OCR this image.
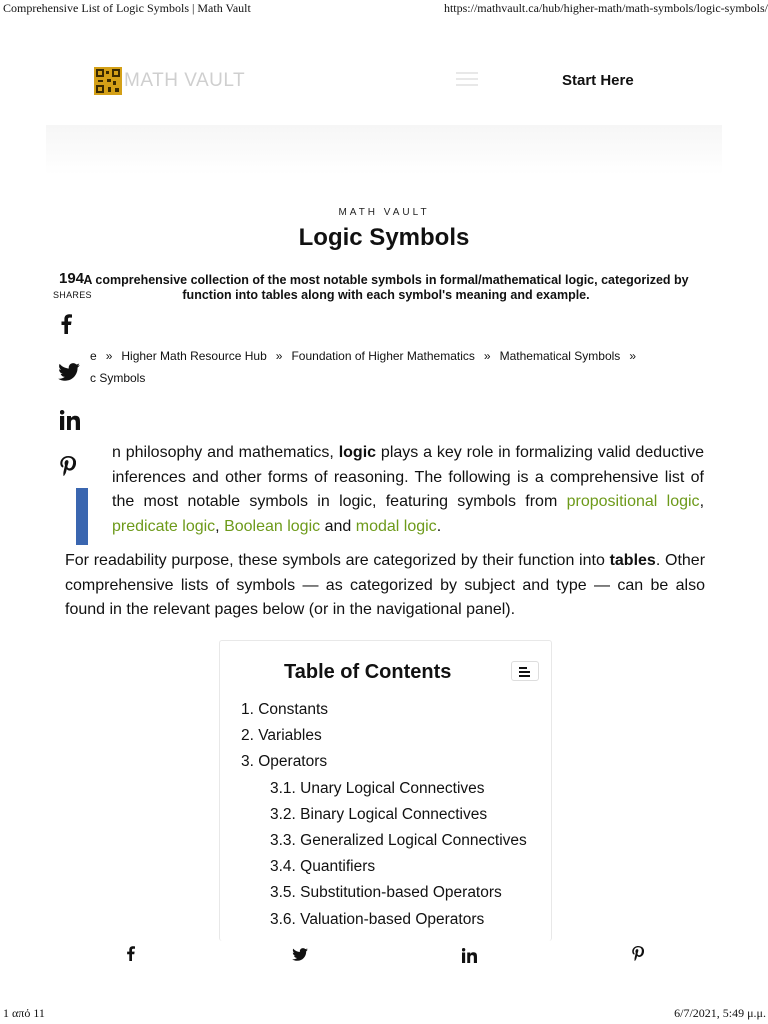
Comprehensive List of Logic Symbols | Math Vault	https://mathvault.ca/hub/higher-math/math-symbols/logic-symbols/
MATH VAULT	Start Here
MATH VAULT
Logic Symbols

A comprehensive collection of the most notable symbols in formal/mathematical logic, categorized by function into tables along with each symbol's meaning and example.

194
SHARES
e » Higher Math Resource Hub » Foundation of Higher Mathematics » Mathematical Symbols »
c Symbols

n philosophy and mathematics, logic plays a key role in formalizing valid deductive inferences and other forms of reasoning. The following is a comprehensive list of the most notable symbols in logic, featuring symbols from propositional logic, predicate logic, Boolean logic and modal logic.

For readability purpose, these symbols are categorized by their function into tables. Other comprehensive lists of symbols — as categorized by subject and type — can be also found in the relevant pages below (or in the navigational panel).

Table of Contents
1. Constants
2. Variables
3. Operators
3.1. Unary Logical Connectives
3.2. Binary Logical Connectives
3.3. Generalized Logical Connectives
3.4. Quantifiers
3.5. Substitution-based Operators
3.6. Valuation-based Operators
1 από 11	6/7/2021, 5:49 μ.μ.
